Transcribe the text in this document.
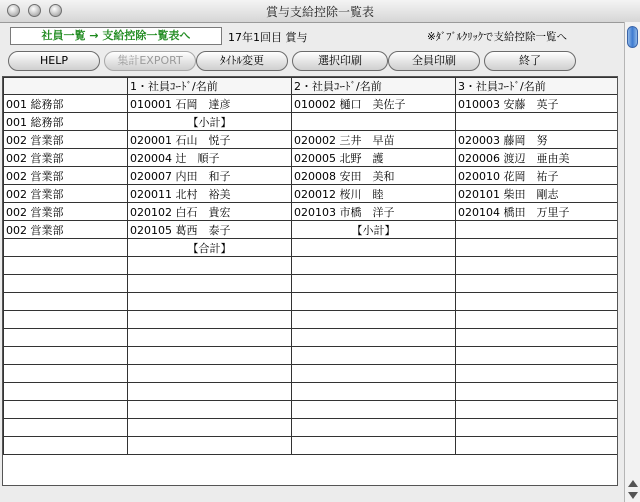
賞与支給控除一覧表
社員一覧 → 支給控除一覧表へ	17年1回目 賞与	※ﾀﾞﾌﾞﾙｸﾘｯｸで支給控除一覧へ
HELP	集計EXPORT	ﾀｲﾄﾙ変更	選択印刷	全員印刷	終了
	1・社員ｺｰﾄﾞ/名前	2・社員ｺｰﾄﾞ/名前	3・社員ｺｰﾄﾞ/名前
001 総務部	010001 石岡　達彦	010002 樋口　美佐子	010003 安藤　英子
001 総務部	【小計】		
002 営業部	020001 石山　悦子	020002 三井　早苗	020003 藤岡　努
002 営業部	020004 辻　順子	020005 北野　護	020006 渡辺　亜由美
002 営業部	020007 内田　和子	020008 安田　美和	020010 花岡　祐子
002 営業部	020011 北村　裕美	020012 桜川　睦	020101 柴田　剛志
002 営業部	020102 白石　貴宏	020103 市橋　洋子	020104 橋田　万里子
002 営業部	020105 葛西　泰子	【小計】	
	【合計】		
